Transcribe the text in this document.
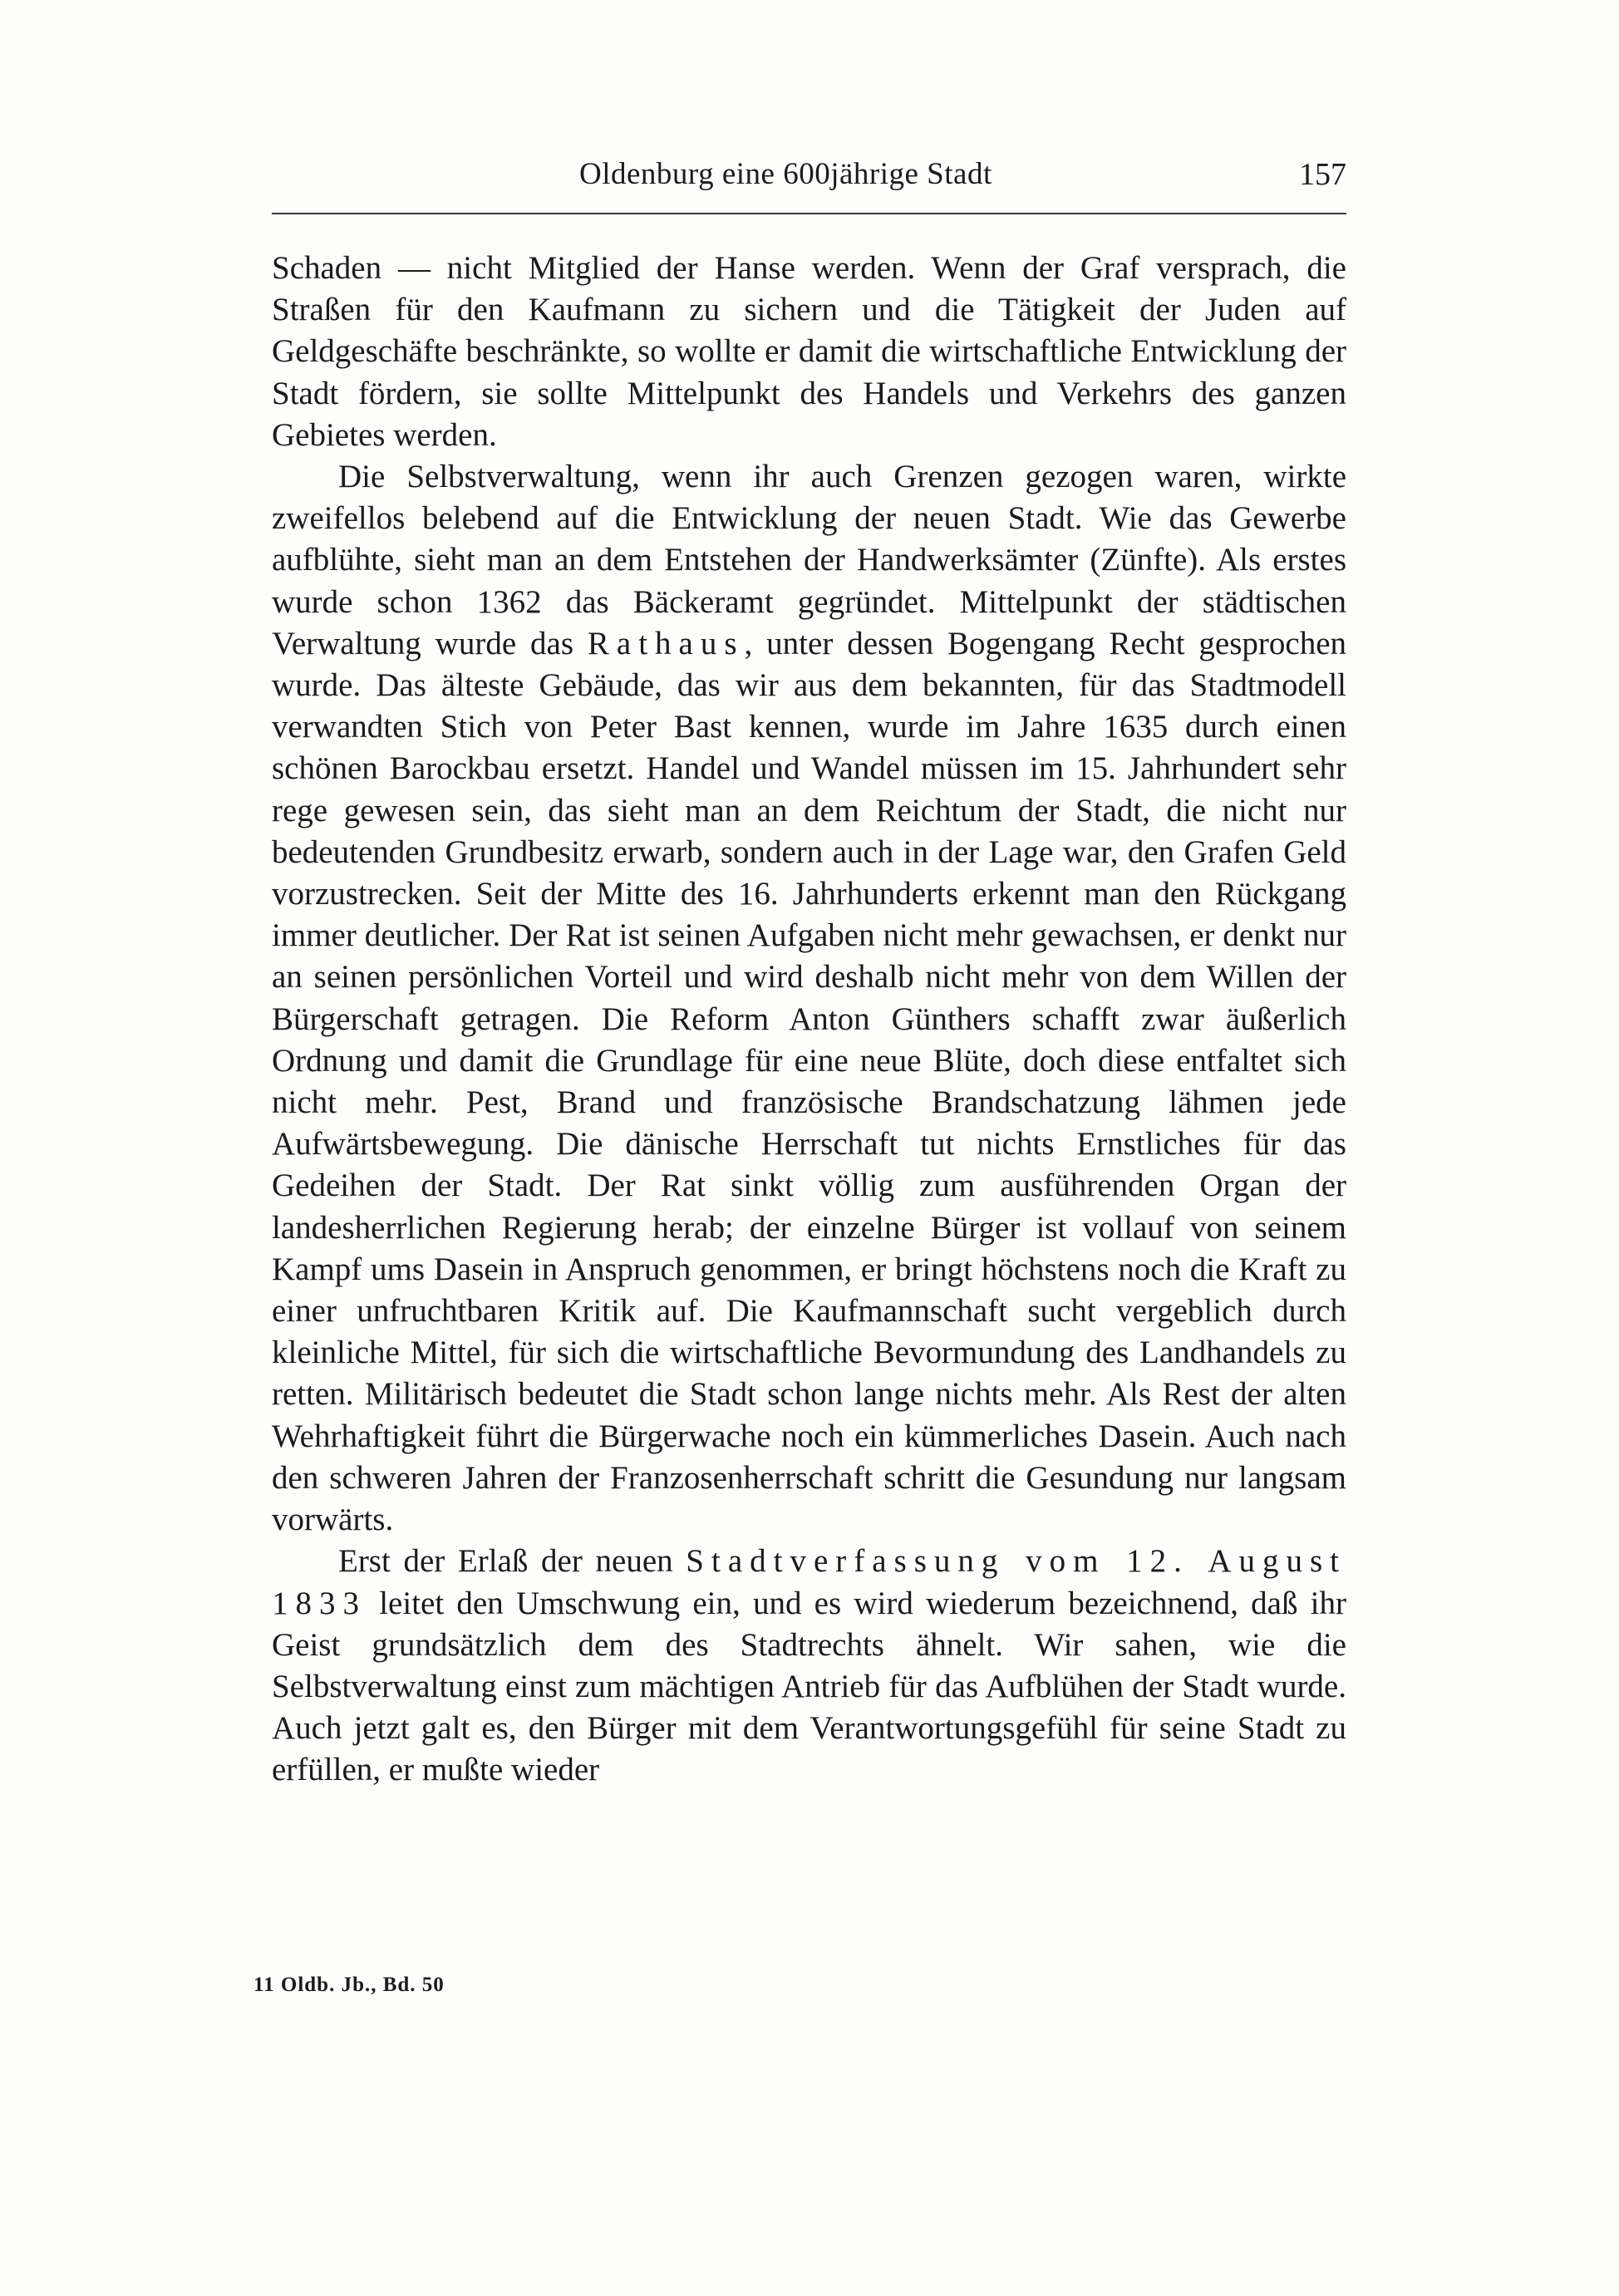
Oldenburg eine 600jährige Stadt	157

Schaden — nicht Mitglied der Hanse werden. Wenn der Graf versprach, die Straßen für den Kaufmann zu sichern und die Tätigkeit der Juden auf Geldgeschäfte beschränkte, so wollte er damit die wirtschaftliche Entwicklung der Stadt fördern, sie sollte Mittelpunkt des Handels und Verkehrs des ganzen Gebietes werden.

Die Selbstverwaltung, wenn ihr auch Grenzen gezogen waren, wirkte zweifellos belebend auf die Entwicklung der neuen Stadt. Wie das Gewerbe aufblühte, sieht man an dem Entstehen der Handwerksämter (Zünfte). Als erstes wurde schon 1362 das Bäckeramt gegründet. Mittelpunkt der städtischen Verwaltung wurde das Rathaus, unter dessen Bogengang Recht gesprochen wurde. Das älteste Gebäude, das wir aus dem bekannten, für das Stadtmodell verwandten Stich von Peter Bast kennen, wurde im Jahre 1635 durch einen schönen Barockbau ersetzt. Handel und Wandel müssen im 15. Jahrhundert sehr rege gewesen sein, das sieht man an dem Reichtum der Stadt, die nicht nur bedeutenden Grundbesitz erwarb, sondern auch in der Lage war, den Grafen Geld vorzustrecken. Seit der Mitte des 16. Jahrhunderts erkennt man den Rückgang immer deutlicher. Der Rat ist seinen Aufgaben nicht mehr gewachsen, er denkt nur an seinen persönlichen Vorteil und wird deshalb nicht mehr von dem Willen der Bürgerschaft getragen. Die Reform Anton Günthers schafft zwar äußerlich Ordnung und damit die Grundlage für eine neue Blüte, doch diese entfaltet sich nicht mehr. Pest, Brand und französische Brandschatzung lähmen jede Aufwärtsbewegung. Die dänische Herrschaft tut nichts Ernstliches für das Gedeihen der Stadt. Der Rat sinkt völlig zum ausführenden Organ der landesherrlichen Regierung herab; der einzelne Bürger ist vollauf von seinem Kampf ums Dasein in Anspruch genommen, er bringt höchstens noch die Kraft zu einer unfruchtbaren Kritik auf. Die Kaufmannschaft sucht vergeblich durch kleinliche Mittel, für sich die wirtschaftliche Bevormundung des Landhandels zu retten. Militärisch bedeutet die Stadt schon lange nichts mehr. Als Rest der alten Wehrhaftigkeit führt die Bürgerwache noch ein kümmerliches Dasein. Auch nach den schweren Jahren der Franzosenherrschaft schritt die Gesundung nur langsam vorwärts.

Erst der Erlaß der neuen Stadtverfassung vom 12. August 1833 leitet den Umschwung ein, und es wird wiederum bezeichnend, daß ihr Geist grundsätzlich dem des Stadtrechts ähnelt. Wir sahen, wie die Selbstverwaltung einst zum mächtigen Antrieb für das Aufblühen der Stadt wurde. Auch jetzt galt es, den Bürger mit dem Verantwortungsgefühl für seine Stadt zu erfüllen, er mußte wieder

11 Oldb. Jb., Bd. 50
